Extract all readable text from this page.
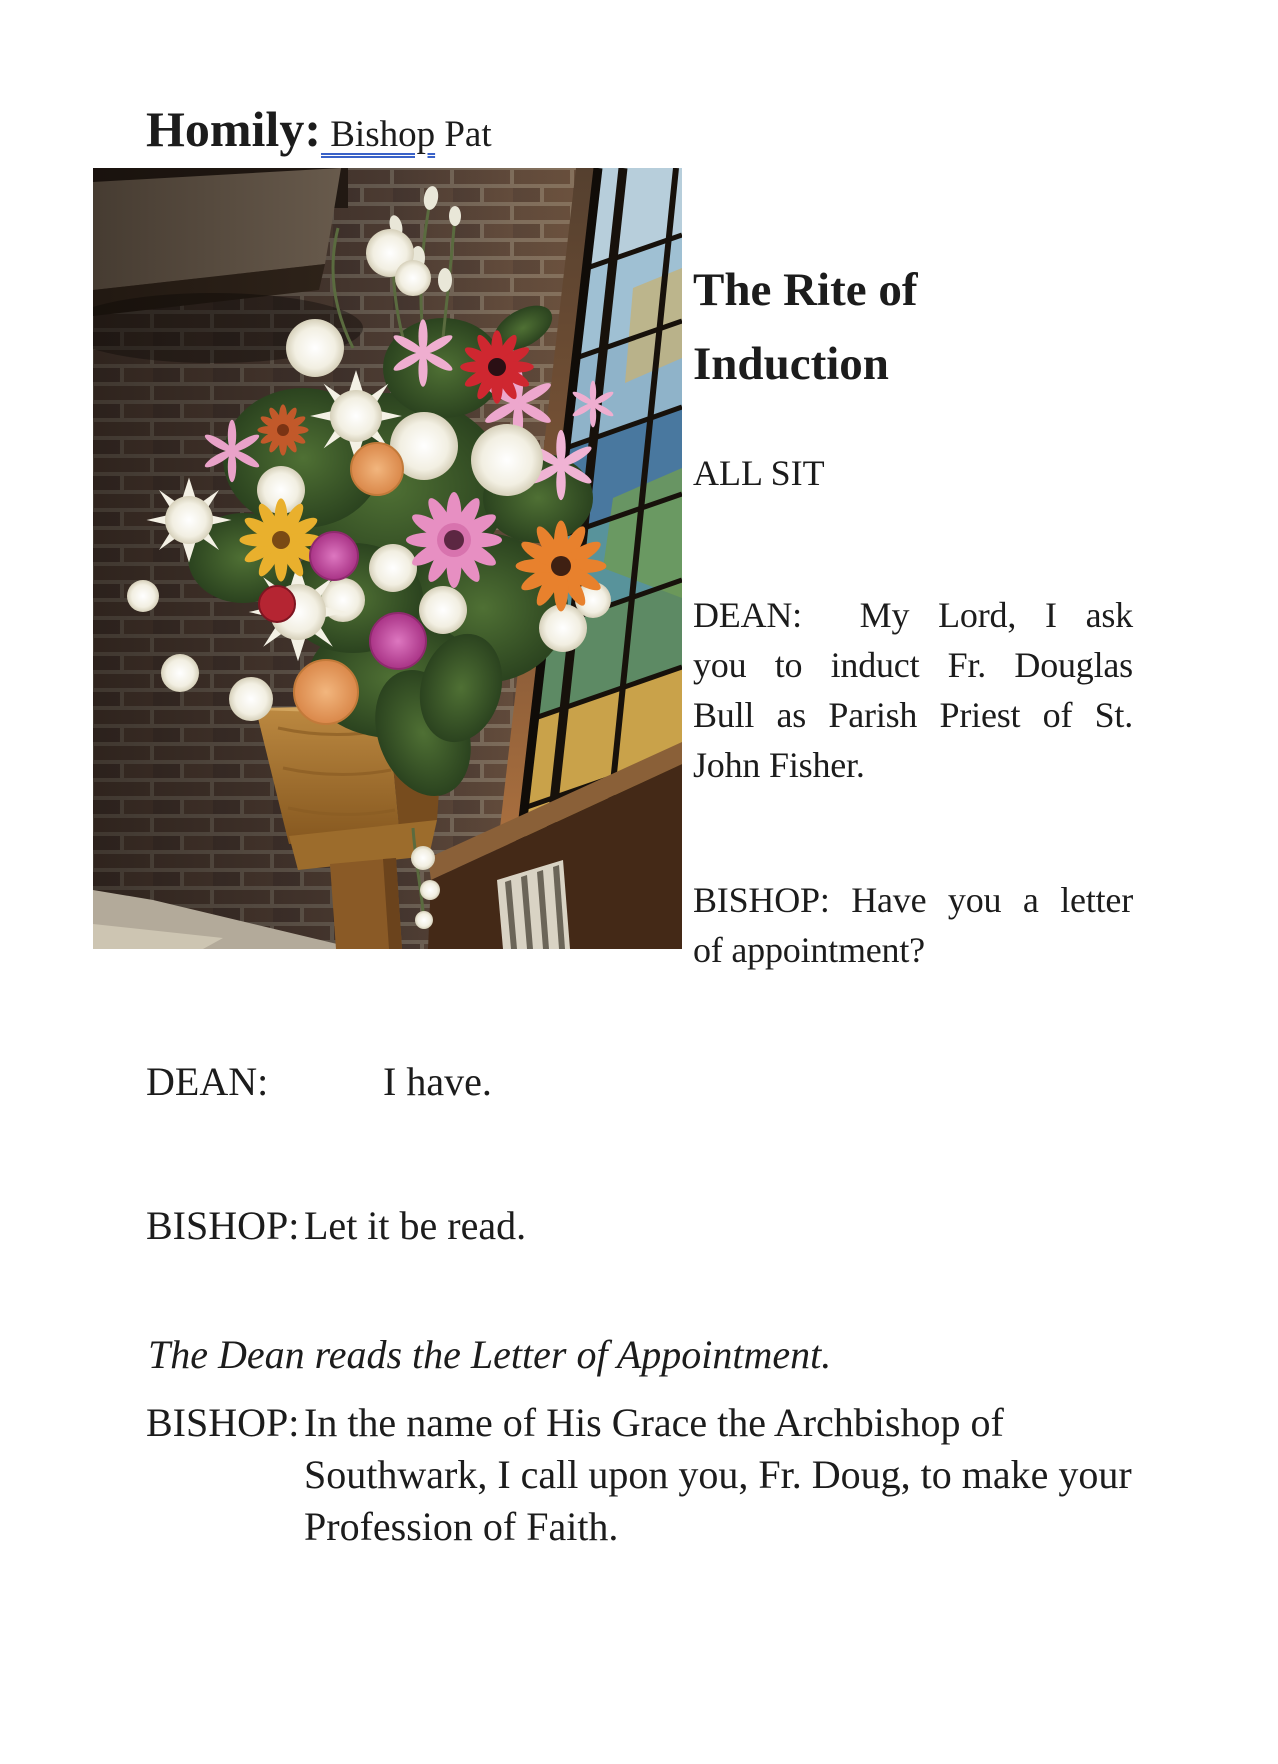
Homily: Bishop Pat

The Rite of
Induction
ALL SIT
DEAN:  My Lord, I ask
you to induct Fr. Douglas
Bull as Parish Priest of St.
John Fisher.
BISHOP: Have you a letter
of appointment?
DEAN:	I have.
BISHOP: Let it be read.
The Dean reads the Letter of Appointment.
BISHOP: In the name of His Grace the Archbishop of
Southwark, I call upon you, Fr. Doug, to make your
Profession of Faith.
